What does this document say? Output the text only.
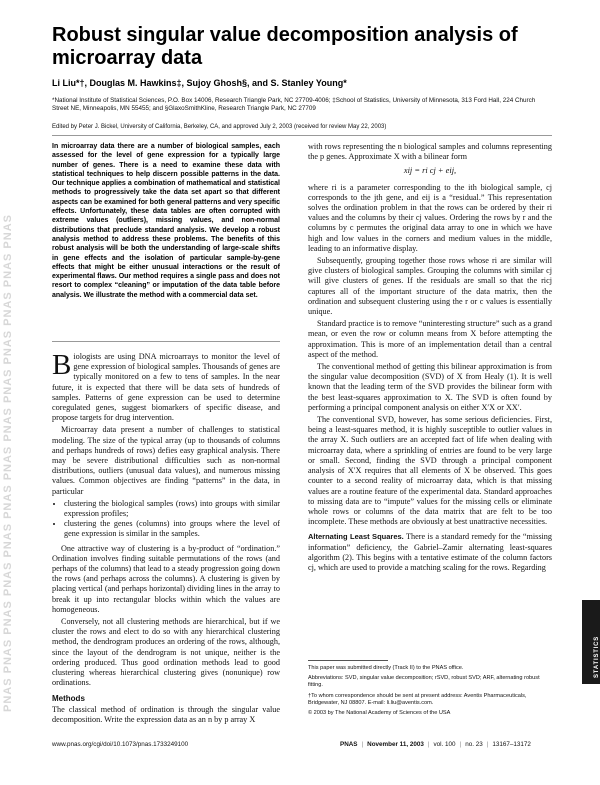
PNAS PNAS PNAS PNAS PNAS PNAS PNAS PNAS PNAS PNAS PNAS PNAS PNAS
Robust singular value decomposition analysis of microarray data
Li Liu*†, Douglas M. Hawkins‡, Sujoy Ghosh§, and S. Stanley Young*
*National Institute of Statistical Sciences, P.O. Box 14006, Research Triangle Park, NC 27709-4006; ‡School of Statistics, University of Minnesota, 313 Ford Hall, 224 Church Street NE, Minneapolis, MN 55455; and §GlaxoSmithKline, Research Triangle Park, NC 27709
Edited by Peter J. Bickel, University of California, Berkeley, CA, and approved July 2, 2003 (received for review May 22, 2003)

In microarray data there are a number of biological samples, each assessed for the level of gene expression for a typically large number of genes. There is a need to examine these data with statistical techniques to help discern possible patterns in the data. Our technique applies a combination of mathematical and statistical methods to progressively take the data set apart so that different aspects can be examined for both general patterns and very specific effects. Unfortunately, these data tables are often corrupted with extreme values (outliers), missing values, and non-normal distributions that preclude standard analysis. We develop a robust analysis method to address these problems. The benefits of this robust analysis will be both the understanding of large-scale shifts in gene effects and the isolation of particular sample-by-gene effects that might be either unusual interactions or the result of experimental flaws. Our method requires a single pass and does not resort to complex “cleaning” or imputation of the data table before analysis. We illustrate the method with a commercial data set.

Biologists are using DNA microarrays to monitor the level of gene expression of biological samples. Thousands of genes are typically monitored on a few to tens of samples. In the near future, it is expected that there will be data sets of hundreds of samples. Patterns of gene expression can be used to determine coregulated genes, suggest biomarkers of specific disease, and propose targets for drug intervention.

Microarray data present a number of challenges to statistical modeling. The size of the typical array (up to thousands of columns and perhaps hundreds of rows) defies easy graphical analysis. There may be severe distributional difficulties such as non-normal distributions, outliers (unusual data values), and numerous missing values. Common objectives are finding “patterns” in the data, in particular

• clustering the biological samples (rows) into groups with similar expression profiles;
• clustering the genes (columns) into groups where the level of gene expression is similar in the samples.

One attractive way of clustering is a by-product of “ordination.” Ordination involves finding suitable permutations of the rows (and perhaps of the columns) that lead to a steady progression going down the rows (and perhaps across the columns). A clustering is given by placing vertical (and perhaps horizontal) dividing lines in the array to break it up into rectangular blocks within which the values are homogeneous.

Conversely, not all clustering methods are hierarchical, but if we cluster the rows and elect to do so with any hierarchical clustering method, the dendrogram produces an ordering of the rows, although, since the layout of the dendrogram is not unique, neither is the ordering produced. Thus good ordination methods lead to good clustering whereas hierarchical clustering gives (nonunique) row ordinations.

Methods

The classical method of ordination is through the singular value decomposition. Write the expression data as an n by p array X

with rows representing the n biological samples and columns representing the p genes. Approximate X with a bilinear form

xij = ri cj + eij,

where ri is a parameter corresponding to the ith biological sample, cj corresponds to the jth gene, and eij is a “residual.” This representation solves the ordination problem in that the rows can be ordered by their ri values and the columns by their cj values. Ordering the rows by r and the columns by c permutes the original data array to one in which we have high and low values in the corners and medium values in the middle, leading to an informative display.

Subsequently, grouping together those rows whose ri are similar will give clusters of biological samples. Grouping the columns with similar cj will give clusters of genes. If the residuals are small so that the ricj captures all of the important structure of the data matrix, then the ordination and subsequent clustering using the r or c values is essentially unique.

Standard practice is to remove “uninteresting structure” such as a grand mean, or even the row or column means from X before attempting the approximation. This is more of an implementation detail than a central aspect of the method.

The conventional method of getting this bilinear approximation is from the singular value decomposition (SVD) of X from Healy (1). It is well known that the leading term of the SVD provides the bilinear form with the best least-squares approximation to X. The SVD is often found by performing a principal component analysis on either X′X or XX′.

The conventional SVD, however, has some serious deficiencies. First, being a least-squares method, it is highly susceptible to outlier values in the array X. Such outliers are an accepted fact of life when dealing with microarray data, where a sprinkling of entries are found to be very large or small. Second, finding the SVD through a principal component analysis of X′X requires that all elements of X be observed. This goes counter to a second reality of microarray data, which is that missing values are a routine feature of the experimental data. Standard approaches to missing data are to “impute” values for the missing cells or eliminate whole rows or columns of the data matrix that are felt to be too incomplete. These methods are obviously at best unattractive necessities.

Alternating Least Squares. There is a standard remedy for the “missing information” deficiency, the Gabriel–Zamir alternating least-squares algorithm (2). This begins with a tentative estimate of the column factors cj, which are used to provide a matching scaling for the rows. Regarding

This paper was submitted directly (Track II) to the PNAS office.

Abbreviations: SVD, singular value decomposition; rSVD, robust SVD; ARF, alternating robust fitting.

†To whom correspondence should be sent at present address: Aventis Pharmaceuticals, Bridgewater, NJ 08807. E-mail: li.liu@aventis.com.

© 2003 by The National Academy of Sciences of the USA

STATISTICS
www.pnas.org/cgi/doi/10.1073/pnas.1733249100	PNAS | November 11, 2003 | vol. 100 | no. 23 | 13167–13172
